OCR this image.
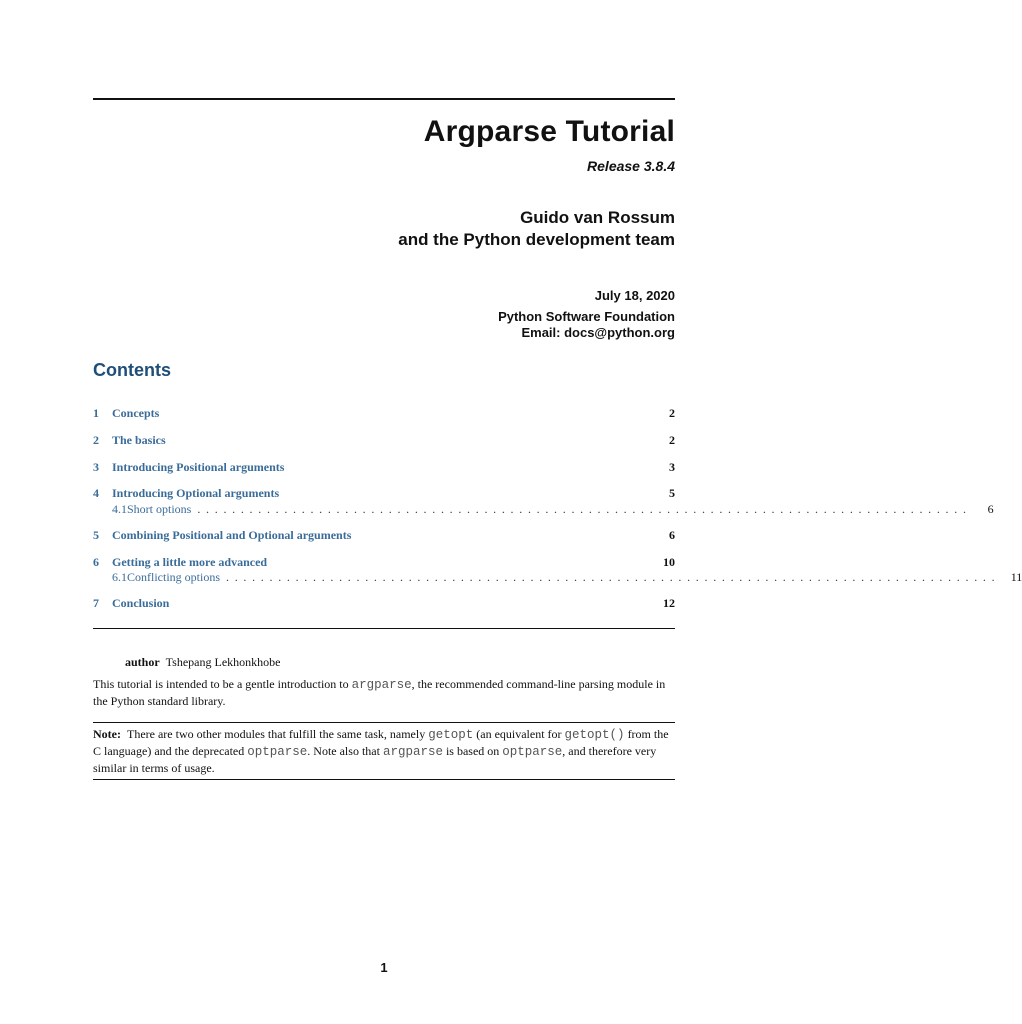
Argparse Tutorial
Release 3.8.4
Guido van Rossum
and the Python development team
July 18, 2020
Python Software Foundation
Email: docs@python.org
Contents
1	Concepts	2
2	The basics	2
3	Introducing Positional arguments	3
4	Introducing Optional arguments	5
4.1 Short options .........................................................................................	6
5	Combining Positional and Optional arguments	6
6	Getting a little more advanced	10
6.1 Conflicting options ......................................................................................... 11
7	Conclusion	12
author Tshepang Lekhonkhobe
This tutorial is intended to be a gentle introduction to argparse, the recommended command-line parsing module in the Python standard library.
Note: There are two other modules that fulfill the same task, namely getopt (an equivalent for getopt() from the C language) and the deprecated optparse. Note also that argparse is based on optparse, and therefore very similar in terms of usage.
1
